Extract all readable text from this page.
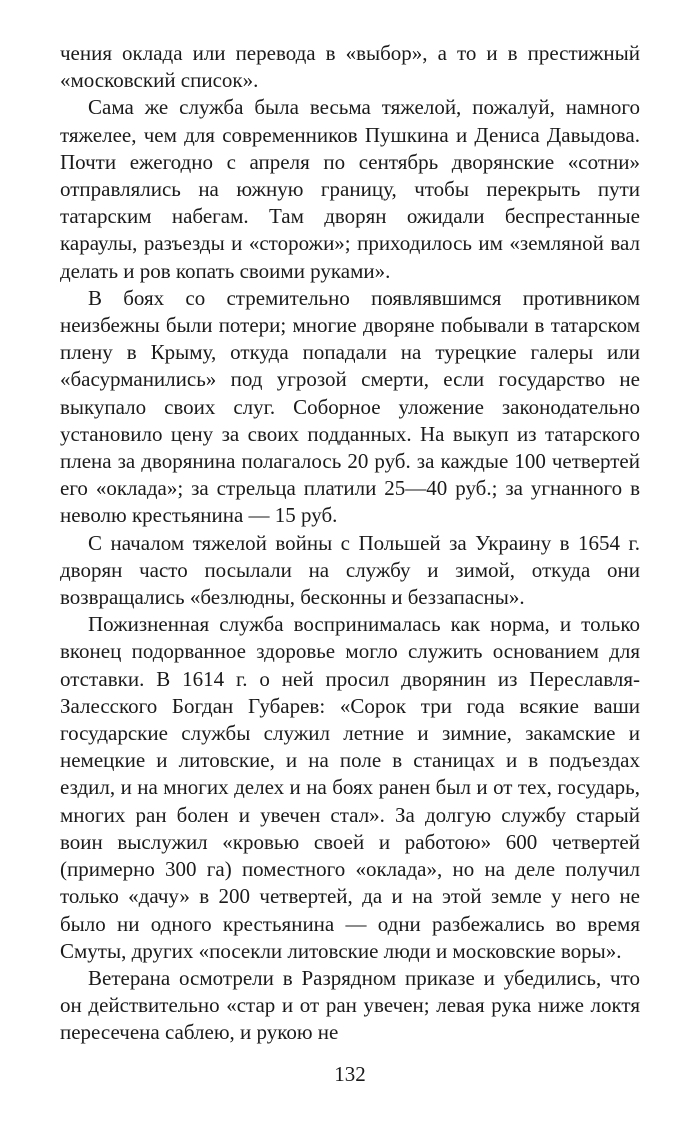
чения оклада или перевода в «выбор», а то и в престижный «московский список».

Сама же служба была весьма тяжелой, пожалуй, намного тяжелее, чем для современников Пушкина и Дениса Давыдова. Почти ежегодно с апреля по сентябрь дворянские «сотни» отправлялись на южную границу, чтобы перекрыть пути татарским набегам. Там дворян ожидали беспрестанные караулы, разъезды и «сторожи»; приходилось им «земляной вал делать и ров копать своими руками».

В боях со стремительно появлявшимся противником неизбежны были потери; многие дворяне побывали в татарском плену в Крыму, откуда попадали на турецкие галеры или «басурманились» под угрозой смерти, если государство не выкупало своих слуг. Соборное уложение законодательно установило цену за своих подданных. На выкуп из татарского плена за дворянина полагалось 20 руб. за каждые 100 четвертей его «оклада»; за стрельца платили 25—40 руб.; за угнанного в неволю крестьянина — 15 руб.

С началом тяжелой войны с Польшей за Украину в 1654 г. дворян часто посылали на службу и зимой, откуда они возвращались «безлюдны, бесконны и беззапасны».

Пожизненная служба воспринималась как норма, и только вконец подорванное здоровье могло служить основанием для отставки. В 1614 г. о ней просил дворянин из Переславля-Залесского Богдан Губарев: «Сорок три года всякие ваши государские службы служил летние и зимние, закамские и немецкие и литовские, и на поле в станицах и в подъездах ездил, и на многих делех и на боях ранен был и от тех, государь, многих ран болен и увечен стал». За долгую службу старый воин выслужил «кровью своей и работою» 600 четвертей (примерно 300 га) поместного «оклада», но на деле получил только «дачу» в 200 четвертей, да и на этой земле у него не было ни одного крестьянина — одни разбежались во время Смуты, других «посекли литовские люди и московские воры».

Ветерана осмотрели в Разрядном приказе и убедились, что он действительно «стар и от ран увечен; левая рука ниже локтя пересечена саблею, и рукою не

132
